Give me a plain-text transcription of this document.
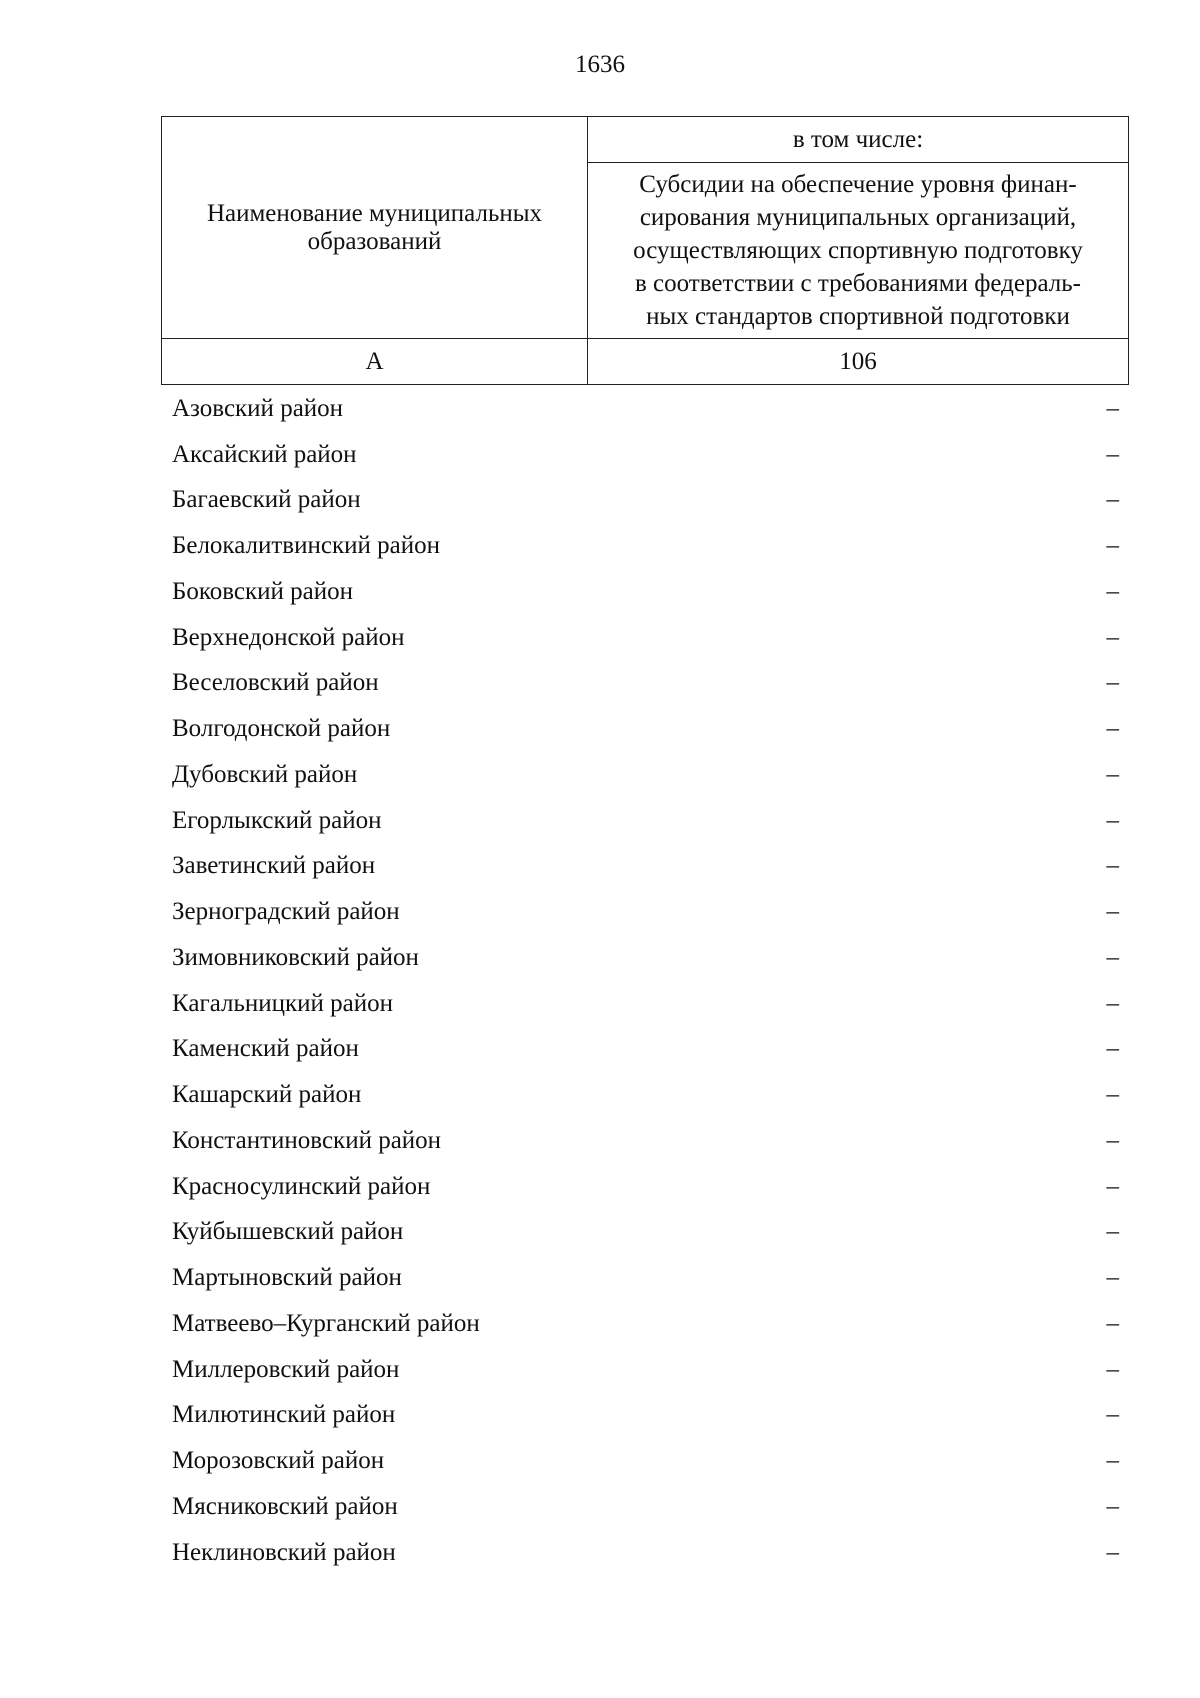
1636
Наименование муниципальных образований	в том числе:

	Субсидии на обеспечение уровня финан-
сирования муниципальных организаций,
осуществляющих спортивную подготовку
в соответствии с требованиями федераль-
ных стандартов спортивной подготовки

А	106
Азовский район	–
Аксайский район	–
Багаевский район	–
Белокалитвинский район	–
Боковский район	–
Верхнедонской район	–
Веселовский район	–
Волгодонской район	–
Дубовский район	–
Егорлыкский район	–
Заветинский район	–
Зерноградский район	–
Зимовниковский район	–
Кагальницкий район	–
Каменский район	–
Кашарский район	–
Константиновский район	–
Красносулинский район	–
Куйбышевский район	–
Мартыновский район	–
Матвеево–Курганский район	–
Миллеровский район	–
Милютинский район	–
Морозовский район	–
Мясниковский район	–
Неклиновский район	–
